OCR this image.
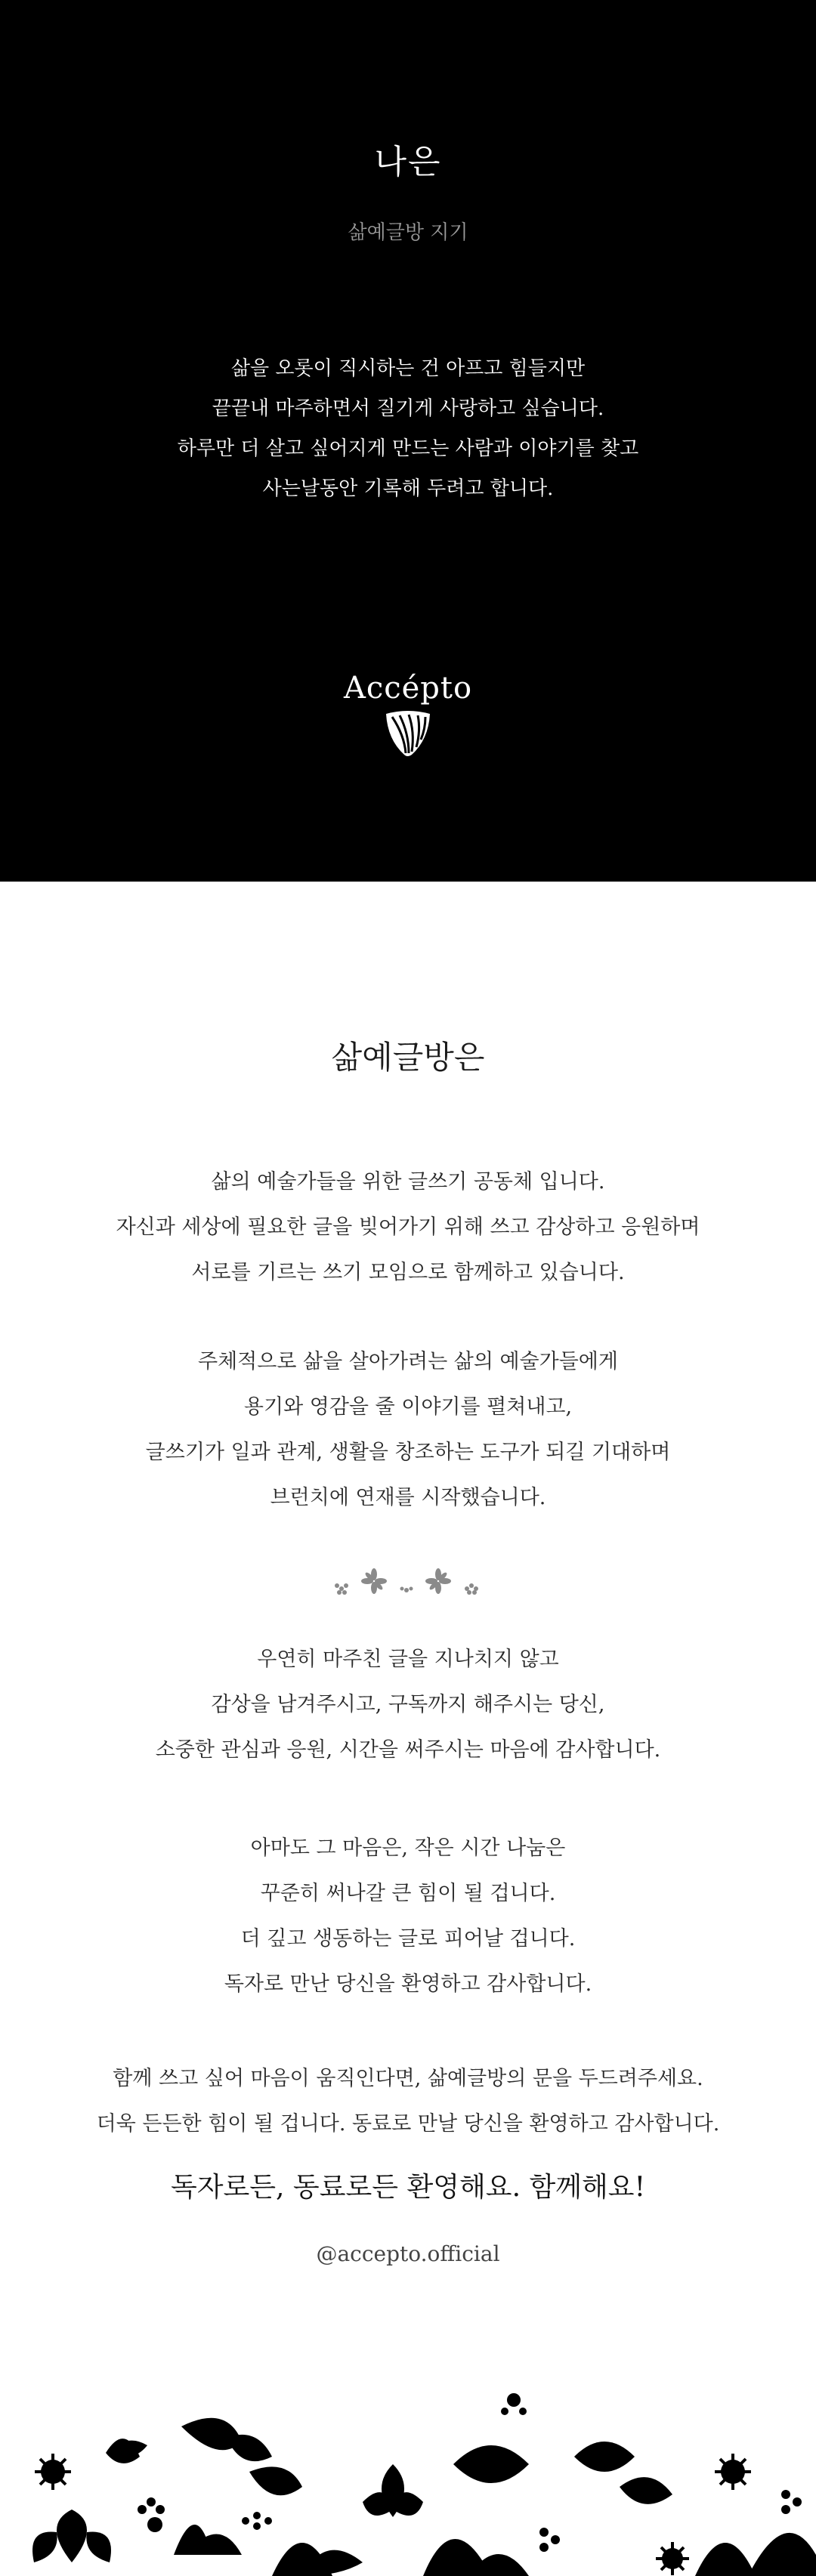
나은
삶예글방 지기
삶을 오롯이 직시하는 건 아프고 힘들지만
끝끝내 마주하면서 질기게 사랑하고 싶습니다.
하루만 더 살고 싶어지게 만드는 사람과 이야기를 찾고
사는날동안 기록해 두려고 합니다.
Accépto
삶예글방은
삶의 예술가들을 위한 글쓰기 공동체 입니다.
자신과 세상에 필요한 글을 빚어가기 위해 쓰고 감상하고 응원하며
서로를 기르는 쓰기 모임으로 함께하고 있습니다.
주체적으로 삶을 살아가려는 삶의 예술가들에게
용기와 영감을 줄 이야기를 펼쳐내고,
글쓰기가 일과 관계, 생활을 창조하는 도구가 되길 기대하며
브런치에 연재를 시작했습니다.
우연히 마주친 글을 지나치지 않고
감상을 남겨주시고, 구독까지 해주시는 당신,
소중한 관심과 응원, 시간을 써주시는 마음에 감사합니다.
아마도 그 마음은, 작은 시간 나눔은
꾸준히 써나갈 큰 힘이 될 겁니다.
더 깊고 생동하는 글로 피어날 겁니다.
독자로 만난 당신을 환영하고 감사합니다.
함께 쓰고 싶어 마음이 움직인다면, 삶예글방의 문을 두드려주세요.
더욱 든든한 힘이 될 겁니다. 동료로 만날 당신을 환영하고 감사합니다.
독자로든, 동료로든 환영해요. 함께해요!
@accepto.official
